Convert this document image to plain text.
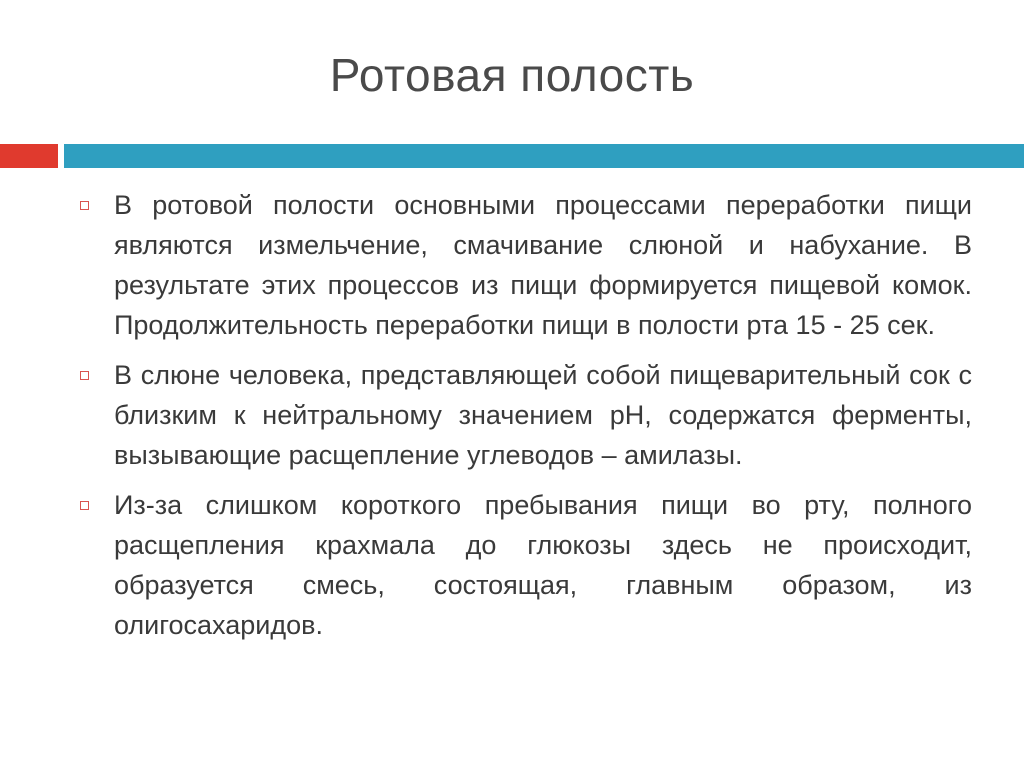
Ротовая полость
В ротовой полости основными процессами переработки пищи являются измельчение, смачивание слюной и набухание. В результате этих процессов из пищи формируется пищевой комок. Продолжительность переработки пищи в полости рта 15 - 25 сек.
В слюне человека, представляющей собой пищеварительный сок с близким к нейтральному значением pH, содержатся ферменты, вызывающие расщепление углеводов – амилазы.
Из-за слишком короткого пребывания пищи во рту, полного расщепления крахмала до глюкозы здесь не происходит, образуется смесь, состоящая, главным образом, из олигосахаридов.
